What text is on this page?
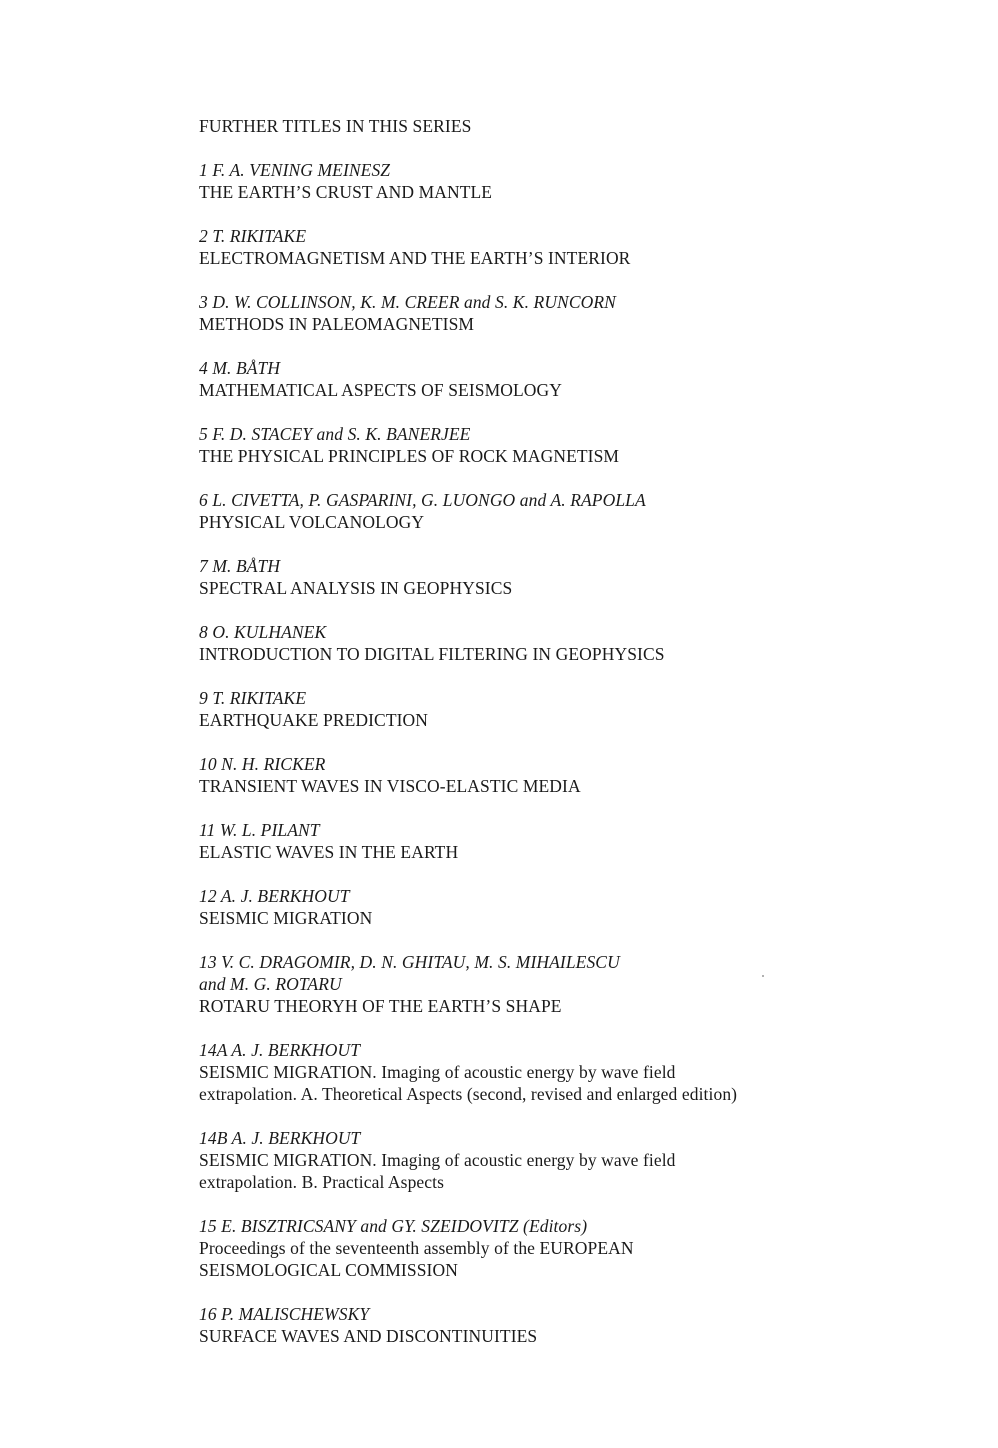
FURTHER TITLES IN THIS SERIES
1 F. A. VENING MEINESZ
THE EARTH’S CRUST AND MANTLE
2 T. RIKITAKE
ELECTROMAGNETISM AND THE EARTH’S INTERIOR
3 D. W. COLLINSON, K. M. CREER and S. K. RUNCORN
METHODS IN PALEOMAGNETISM
4 M. BÅTH
MATHEMATICAL ASPECTS OF SEISMOLOGY
5 F. D. STACEY and S. K. BANERJEE
THE PHYSICAL PRINCIPLES OF ROCK MAGNETISM
6 L. CIVETTA, P. GASPARINI, G. LUONGO and A. RAPOLLA
PHYSICAL VOLCANOLOGY
7 M. BÅTH
SPECTRAL ANALYSIS IN GEOPHYSICS
8 O. KULHANEK
INTRODUCTION TO DIGITAL FILTERING IN GEOPHYSICS
9 T. RIKITAKE
EARTHQUAKE PREDICTION
10 N. H. RICKER
TRANSIENT WAVES IN VISCO-ELASTIC MEDIA
11 W. L. PILANT
ELASTIC WAVES IN THE EARTH
12 A. J. BERKHOUT
SEISMIC MIGRATION
13 V. C. DRAGOMIR, D. N. GHITAU, M. S. MIHAILESCU
and M. G. ROTARU
ROTARU THEORYH OF THE EARTH’S SHAPE
14A A. J. BERKHOUT
SEISMIC MIGRATION. Imaging of acoustic energy by wave field
extrapolation. A. Theoretical Aspects (second, revised and enlarged edition)
14B A. J. BERKHOUT
SEISMIC MIGRATION. Imaging of acoustic energy by wave field
extrapolation. B. Practical Aspects
15 E. BISZTRICSANY and GY. SZEIDOVITZ (Editors)
Proceedings of the seventeenth assembly of the EUROPEAN
SEISMOLOGICAL COMMISSION
16 P. MALISCHEWSKY
SURFACE WAVES AND DISCONTINUITIES
